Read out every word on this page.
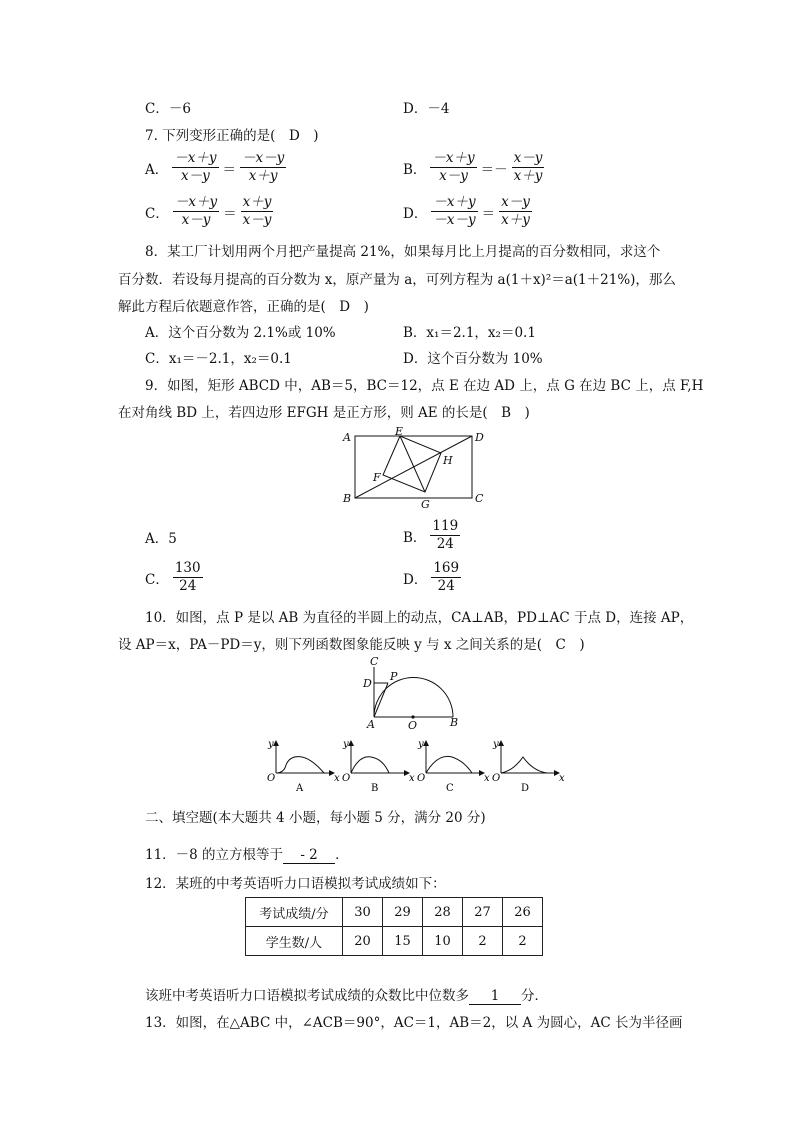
C．－6	D．－4
7. 下列变形正确的是(　D　)
A． $\frac{-x+y}{x-y} = \frac{-x-y}{x+y}$	B． $\frac{-x+y}{x-y} =- \frac{x-y}{x+y}$
C． $\frac{-x+y}{x-y} = \frac{x+y}{x-y}$	D． $\frac{-x+y}{-x-y} = \frac{x-y}{x+y}$
8．某工厂计划用两个月把产量提高 21%，如果每月比上月提高的百分数相同，求这个
百分数．若设每月提高的百分数为 x，原产量为 a，可列方程为 a(1＋x)²＝a(1＋21%)，那么
解此方程后依题意作答，正确的是(　D　)
A．这个百分数为 2.1%或 10%	B．x₁＝2.1，x₂＝0.1
C．x₁＝－2.1，x₂＝0.1	D．这个百分数为 10%
9．如图，矩形 ABCD 中，AB＝5，BC＝12，点 E 在边 AD 上，点 G 在边 BC 上，点 F,H
在对角线 BD 上，若四边形 EFGH 是正方形，则 AE 的长是(　B　)
A	E	D
H
F
B	G	C
A．5	B． $\frac{119}{24}$
C． $\frac{130}{24}$	D． $\frac{169}{24}$
10．如图，点 P 是以 AB 为直径的半圆上的动点，CA⊥AB，PD⊥AC 于点 D，连接 AP，
设 AP＝x，PA－PD＝y，则下列函数图象能反映 y 与 x 之间关系的是(　C　)
C
D
P
A	O	B
y
O	x
A
y
O	x
B
y
O	x
C
y
O	x
D
二、填空题(本大题共 4 小题，每小题 5 分，满分 20 分)
11．－8 的立方根等于 - 2 ．
12．某班的中考英语听力口语模拟考试成绩如下：
考试成绩/分	30	29	28	27	26
学生数/人	20	15	10	2	2
该班中考英语听力口语模拟考试成绩的众数比中位数多 1 分．
13．如图，在△ABC 中，∠ACB＝90°，AC＝1，AB＝2，以 A 为圆心，AC 长为半径画
